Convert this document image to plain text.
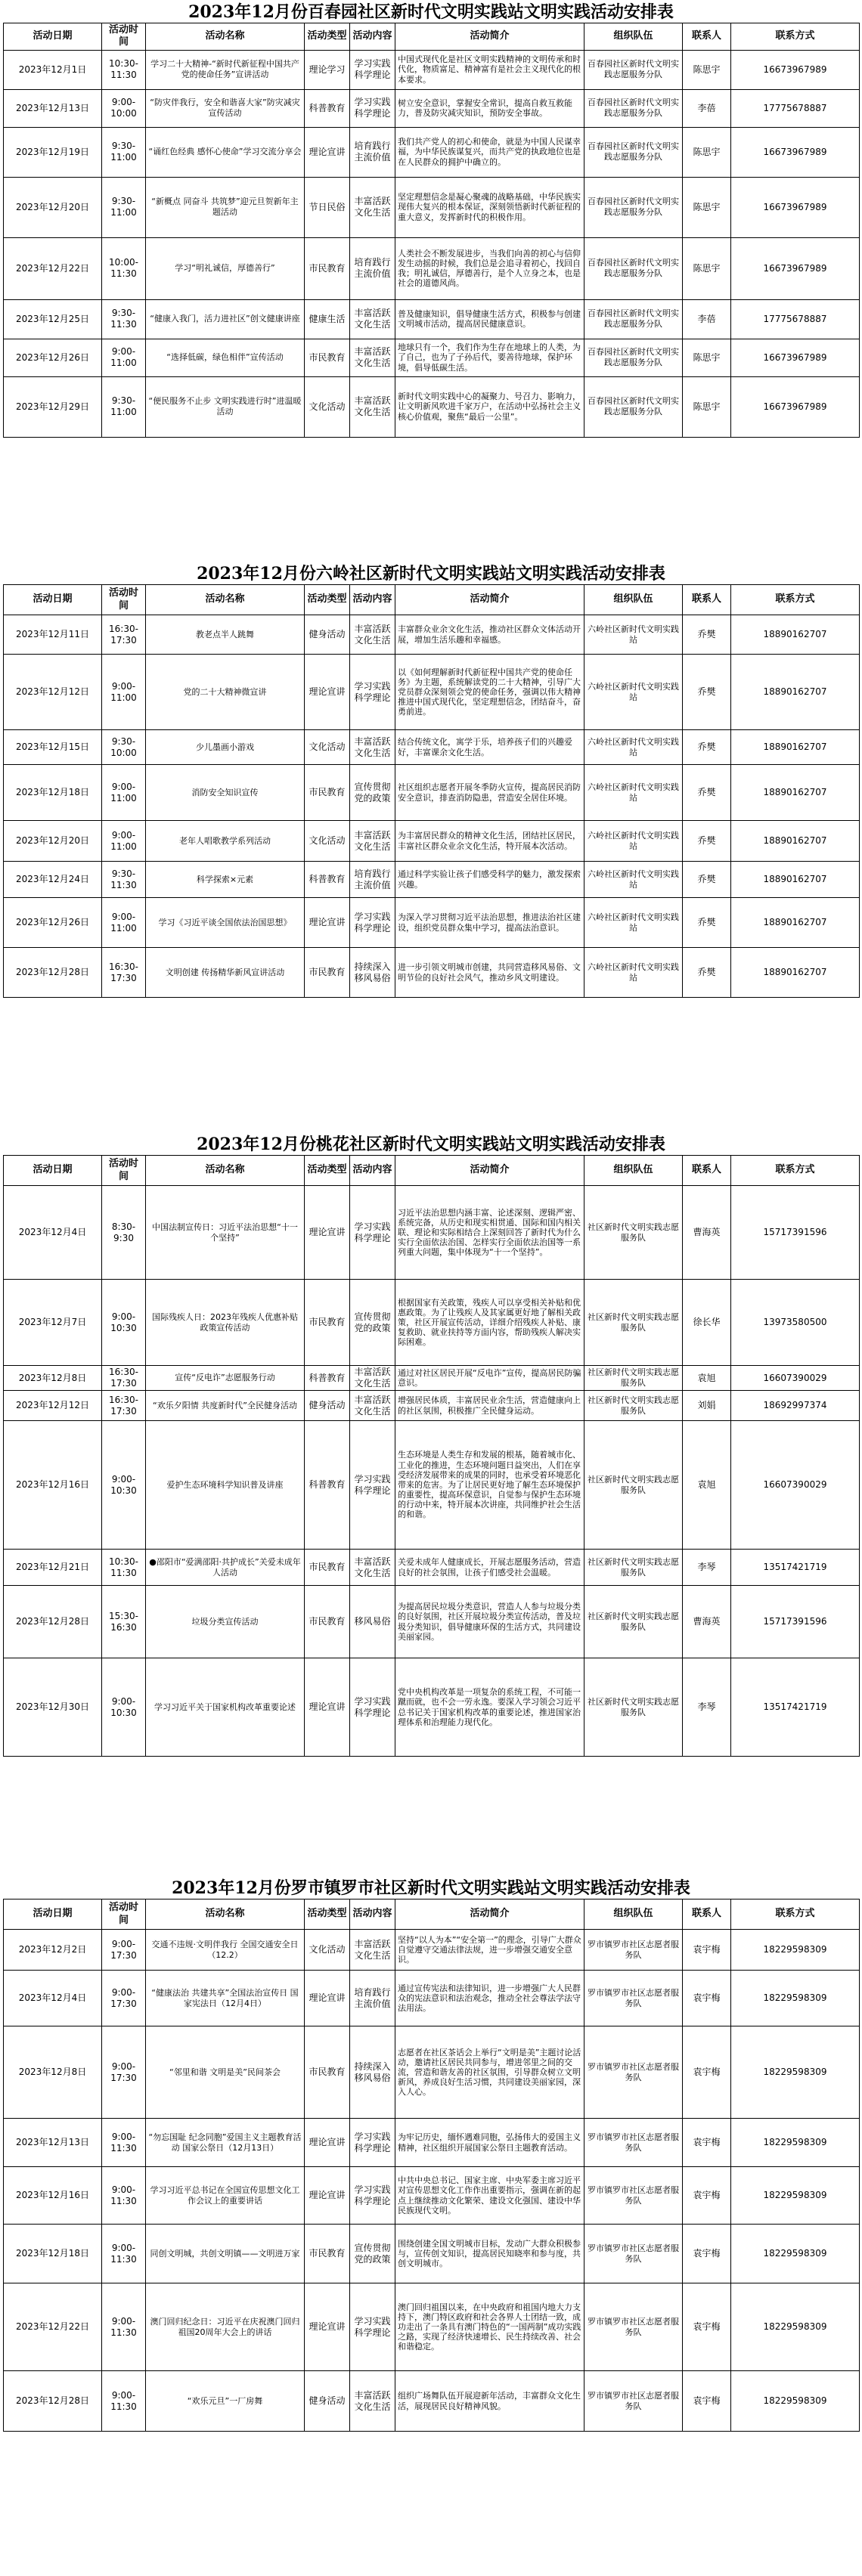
2023年12月份百春园社区新时代文明实践站文明实践活动安排表
活动日期	活动时间	活动名称	活动类型	活动内容	活动简介	组织队伍	联系人	联系方式
2023年12月1日	10:30-11:30	学习二十大精神-“新时代新征程中国共产党的使命任务”宣讲活动	理论学习	学习实践科学理论	中国式现代化是社区文明实践精神的文明传承和时代化，物质富足、精神富有是社会主义现代化的根本要求。	百春园社区新时代文明实践志愿服务分队	陈思宇	16673967989
2023年12月13日	9:00-10:00	“防灾伴我行，安全和谐喜大家”防灾减灾宣传活动	科普教育	学习实践科学理论	树立安全意识，掌握安全常识，提高自救互救能力，普及防灾减灾知识，预防安全事故。	百春园社区新时代文明实践志愿服务分队	李蓓	17775678887
2023年12月19日	9:30-11:00	“诵红色经典 感怀心使命”学习交流分享会	理论宣讲	培育践行主流价值	我们共产党人的初心和使命，就是为中国人民谋幸福，为中华民族谋复兴，而共产党的执政地位也是在人民群众的拥护中确立的。	百春园社区新时代文明实践志愿服务分队	陈思宇	16673967989
2023年12月20日	9:30-11:00	“新概点 同奋斗 共筑梦”迎元旦贺新年主题活动	节日民俗	丰富活跃文化生活	坚定理想信念是凝心聚魂的战略基础，中华民族实现伟大复兴的根本保证，深刻领悟新时代新征程的重大意义，发挥新时代的积极作用。	百春园社区新时代文明实践志愿服务分队	陈思宇	16673967989
2023年12月22日	10:00-11:30	学习“明礼诚信，厚德善行”	市民教育	培育践行主流价值	人类社会不断发展进步，当我们向善的初心与信仰发生动摇的时候，我们总是会追寻着初心，找回自我；明礼诚信，厚德善行，是个人立身之本，也是社会的道德风尚。	百春园社区新时代文明实践志愿服务分队	陈思宇	16673967989
2023年12月25日	9:30-11:30	“健康入我门，活力进社区”创文健康讲座	健康生活	丰富活跃文化生活	普及健康知识，倡导健康生活方式，积极参与创建文明城市活动，提高居民健康意识。	百春园社区新时代文明实践志愿服务分队	李蓓	17775678887
2023年12月26日	9:00-11:00	“选择低碳，绿色相伴”宣传活动	市民教育	丰富活跃文化生活	地球只有一个，我们作为生存在地球上的人类，为了自己，也为了子孙后代，要善待地球，保护环境，倡导低碳生活。	百春园社区新时代文明实践志愿服务分队	陈思宇	16673967989
2023年12月29日	9:30-11:00	“便民服务不止步 文明实践进行时”进温暖活动	文化活动	丰富活跃文化生活	新时代文明实践中心的凝聚力、号召力、影响力，让文明新风吹进千家万户，在活动中弘扬社会主义核心价值观，聚焦“最后一公里”。	百春园社区新时代文明实践志愿服务分队	陈思宇	16673967989
2023年12月份六岭社区新时代文明实践站文明实践活动安排表
活动日期	活动时间	活动名称	活动类型	活动内容	活动简介	组织队伍	联系人	联系方式
2023年12月11日	16:30-17:30	教老点半人跳舞	健身活动	丰富活跃文化生活	丰富群众业余文化生活，推动社区群众文体活动开展，增加生活乐趣和幸福感。	六岭社区新时代文明实践站	乔樊	18890162707
2023年12月12日	9:00-11:00	党的二十大精神微宣讲	理论宣讲	学习实践科学理论	以《如何理解新时代新征程中国共产党的使命任务》为主题，系统解读党的二十大精神，引导广大党员群众深刻领会党的使命任务，强调以伟大精神推进中国式现代化，坚定理想信念，团结奋斗，奋勇前进。	六岭社区新时代文明实践站	乔樊	18890162707
2023年12月15日	9:30-10:00	少儿墨画小游戏	文化活动	丰富活跃文化生活	结合传统文化，寓学于乐，培养孩子们的兴趣爱好，丰富课余文化生活。	六岭社区新时代文明实践站	乔樊	18890162707
2023年12月18日	9:00-11:00	消防安全知识宣传	市民教育	宣传贯彻党的政策	社区组织志愿者开展冬季防火宣传，提高居民消防安全意识，排查消防隐患，营造安全居住环境。	六岭社区新时代文明实践站	乔樊	18890162707
2023年12月20日	9:00-11:00	老年人唱歌教学系列活动	文化活动	丰富活跃文化生活	为丰富居民群众的精神文化生活，团结社区居民，丰富社区群众业余文化生活，特开展本次活动。	六岭社区新时代文明实践站	乔樊	18890162707
2023年12月24日	9:30-11:30	科学探索×元素	科普教育	培育践行主流价值	通过科学实验让孩子们感受科学的魅力，激发探索兴趣。	六岭社区新时代文明实践站	乔樊	18890162707
2023年12月26日	9:00-11:00	学习《习近平谈全国依法治国思想》	理论宣讲	学习实践科学理论	为深入学习贯彻习近平法治思想，推进法治社区建设，组织党员群众集中学习，提高法治意识。	六岭社区新时代文明实践站	乔樊	18890162707
2023年12月28日	16:30-17:30	文明创建 传扬精华新风宣讲活动	市民教育	持续深入移风易俗	进一步引领文明城市创建，共同营造移风易俗、文明节俭的良好社会风气，推动乡风文明建设。	六岭社区新时代文明实践站	乔樊	18890162707
2023年12月份桃花社区新时代文明实践站文明实践活动安排表
活动日期	活动时间	活动名称	活动类型	活动内容	活动简介	组织队伍	联系人	联系方式
2023年12月4日	8:30-9:30	中国法制宣传日：习近平法治思想“十一个坚持”	理论宣讲	学习实践科学理论	习近平法治思想内涵丰富、论述深刻、逻辑严密、系统完备，从历史和现实相贯通、国际和国内相关联、理论和实际相结合上深刻回答了新时代为什么实行全面依法治国、怎样实行全面依法治国等一系列重大问题，集中体现为“十一个坚持”。	社区新时代文明实践志愿服务队	曹海英	15717391596
2023年12月7日	9:00-10:30	国际残疾人日：2023年残疾人优惠补贴政策宣传活动	市民教育	宣传贯彻党的政策	根据国家有关政策，残疾人可以享受相关补贴和优惠政策。为了让残疾人及其家属更好地了解相关政策，社区开展宣传活动，详细介绍残疾人补贴、康复救助、就业扶持等方面内容，帮助残疾人解决实际困难。	社区新时代文明实践志愿服务队	徐长华	13973580500
2023年12月8日	16:30-17:30	宣传“反电诈”志愿服务行动	科普教育	丰富活跃文化生活	通过对社区居民开展“反电诈”宣传，提高居民防骗意识。	社区新时代文明实践志愿服务队	袁旭	16607390029
2023年12月12日	16:30-17:30	“欢乐夕阳情 共度新时代”全民健身活动	健身活动	丰富活跃文化生活	增强居民体质，丰富居民业余生活，营造健康向上的社区氛围，积极推广全民健身运动。	社区新时代文明实践志愿服务队	刘娟	18692997374
2023年12月16日	9:00-10:30	爱护生态环境科学知识普及讲座	科普教育	学习实践科学理论	生态环境是人类生存和发展的根基，随着城市化、工业化的推进，生态环境问题日益突出，人们在享受经济发展带来的成果的同时，也承受着环境恶化带来的危害。为了让居民更好地了解生态环境保护的重要性，提高环保意识，自觉参与保护生态环境的行动中来，特开展本次讲座，共同维护社会生活的和谐。	社区新时代文明实践志愿服务队	袁旭	16607390029
2023年12月21日	10:30-11:30	●邵阳市“爱满邵阳·共护成长”关爱未成年人活动	市民教育	丰富活跃文化生活	关爱未成年人健康成长，开展志愿服务活动，营造良好的社会氛围，让孩子们感受社会温暖。	社区新时代文明实践志愿服务队	李琴	13517421719
2023年12月28日	15:30-16:30	垃圾分类宣传活动	市民教育	移风易俗	为提高居民垃圾分类意识，营造人人参与垃圾分类的良好氛围，社区开展垃圾分类宣传活动，普及垃圾分类知识，倡导健康环保的生活方式，共同建设美丽家园。	社区新时代文明实践志愿服务队	曹海英	15717391596
2023年12月30日	9:00-10:30	学习习近平关于国家机构改革重要论述	理论宣讲	学习实践科学理论	党中央机构改革是一项复杂的系统工程，不可能一蹴而就，也不会一劳永逸。要深入学习领会习近平总书记关于国家机构改革的重要论述，推进国家治理体系和治理能力现代化。	社区新时代文明实践志愿服务队	李琴	13517421719
2023年12月份罗市镇罗市社区新时代文明实践站文明实践活动安排表
活动日期	活动时间	活动名称	活动类型	活动内容	活动简介	组织队伍	联系人	联系方式
2023年12月2日	9:00-17:30	交通不违规·文明伴我行 全国交通安全日（12.2）	文化活动	丰富活跃文化生活	坚持“以人为本”“安全第一”的理念，引导广大群众自觉遵守交通法律法规，进一步增强交通安全意识。	罗市镇罗市社区志愿者服务队	袁宇梅	18229598309
2023年12月4日	9:00-17:30	“健康法治 共建共享”全国法治宣传日 国家宪法日（12月4日）	理论宣讲	培育践行主流价值	通过宣传宪法和法律知识，进一步增强广大人民群众的宪法意识和法治观念，推动全社会尊法学法守法用法。	罗市镇罗市社区志愿者服务队	袁宇梅	18229598309
2023年12月8日	9:00-17:30	“邻里和谐 文明是美”民间茶会	市民教育	持续深入移风易俗	志愿者在社区茶话会上举行“文明是美”主题讨论活动，邀请社区居民共同参与，增进邻里之间的交流，营造和谐友善的社区氛围，引导群众树立文明新风，养成良好生活习惯，共同建设美丽家园，深入人心。	罗市镇罗市社区志愿者服务队	袁宇梅	18229598309
2023年12月13日	9:00-11:30	“勿忘国耻 纪念同胞”爱国主义主题教育活动 国家公祭日（12月13日）	理论宣讲	学习实践科学理论	为牢记历史，缅怀遇难同胞，弘扬伟大的爱国主义精神，社区组织开展国家公祭日主题教育活动。	罗市镇罗市社区志愿者服务队	袁宇梅	18229598309
2023年12月16日	9:00-11:30	学习习近平总书记在全国宣传思想文化工作会议上的重要讲话	理论宣讲	学习实践科学理论	中共中央总书记、国家主席、中央军委主席习近平对宣传思想文化工作作出重要指示，强调在新的起点上继续推动文化繁荣、建设文化强国、建设中华民族现代文明。	罗市镇罗市社区志愿者服务队	袁宇梅	18229598309
2023年12月18日	9:00-11:30	同创文明城，共创文明镇——文明进万家	市民教育	宣传贯彻党的政策	围绕创建全国文明城市目标，发动广大群众积极参与，宣传创文知识，提高居民知晓率和参与度，共创文明城市。	罗市镇罗市社区志愿者服务队	袁宇梅	18229598309
2023年12月22日	9:00-11:30	澳门回归纪念日：习近平在庆祝澳门回归祖国20周年大会上的讲话	理论宣讲	学习实践科学理论	澳门回归祖国以来，在中央政府和祖国内地大力支持下，澳门特区政府和社会各界人士团结一致，成功走出了一条具有澳门特色的“一国两制”成功实践之路，实现了经济快速增长、民生持续改善、社会和谐稳定。	罗市镇罗市社区志愿者服务队	袁宇梅	18229598309
2023年12月28日	9:00-11:30	“欢乐元旦”一厂房舞	健身活动	丰富活跃文化生活	组织广场舞队伍开展迎新年活动，丰富群众文化生活，展现居民良好精神风貌。	罗市镇罗市社区志愿者服务队	袁宇梅	18229598309
